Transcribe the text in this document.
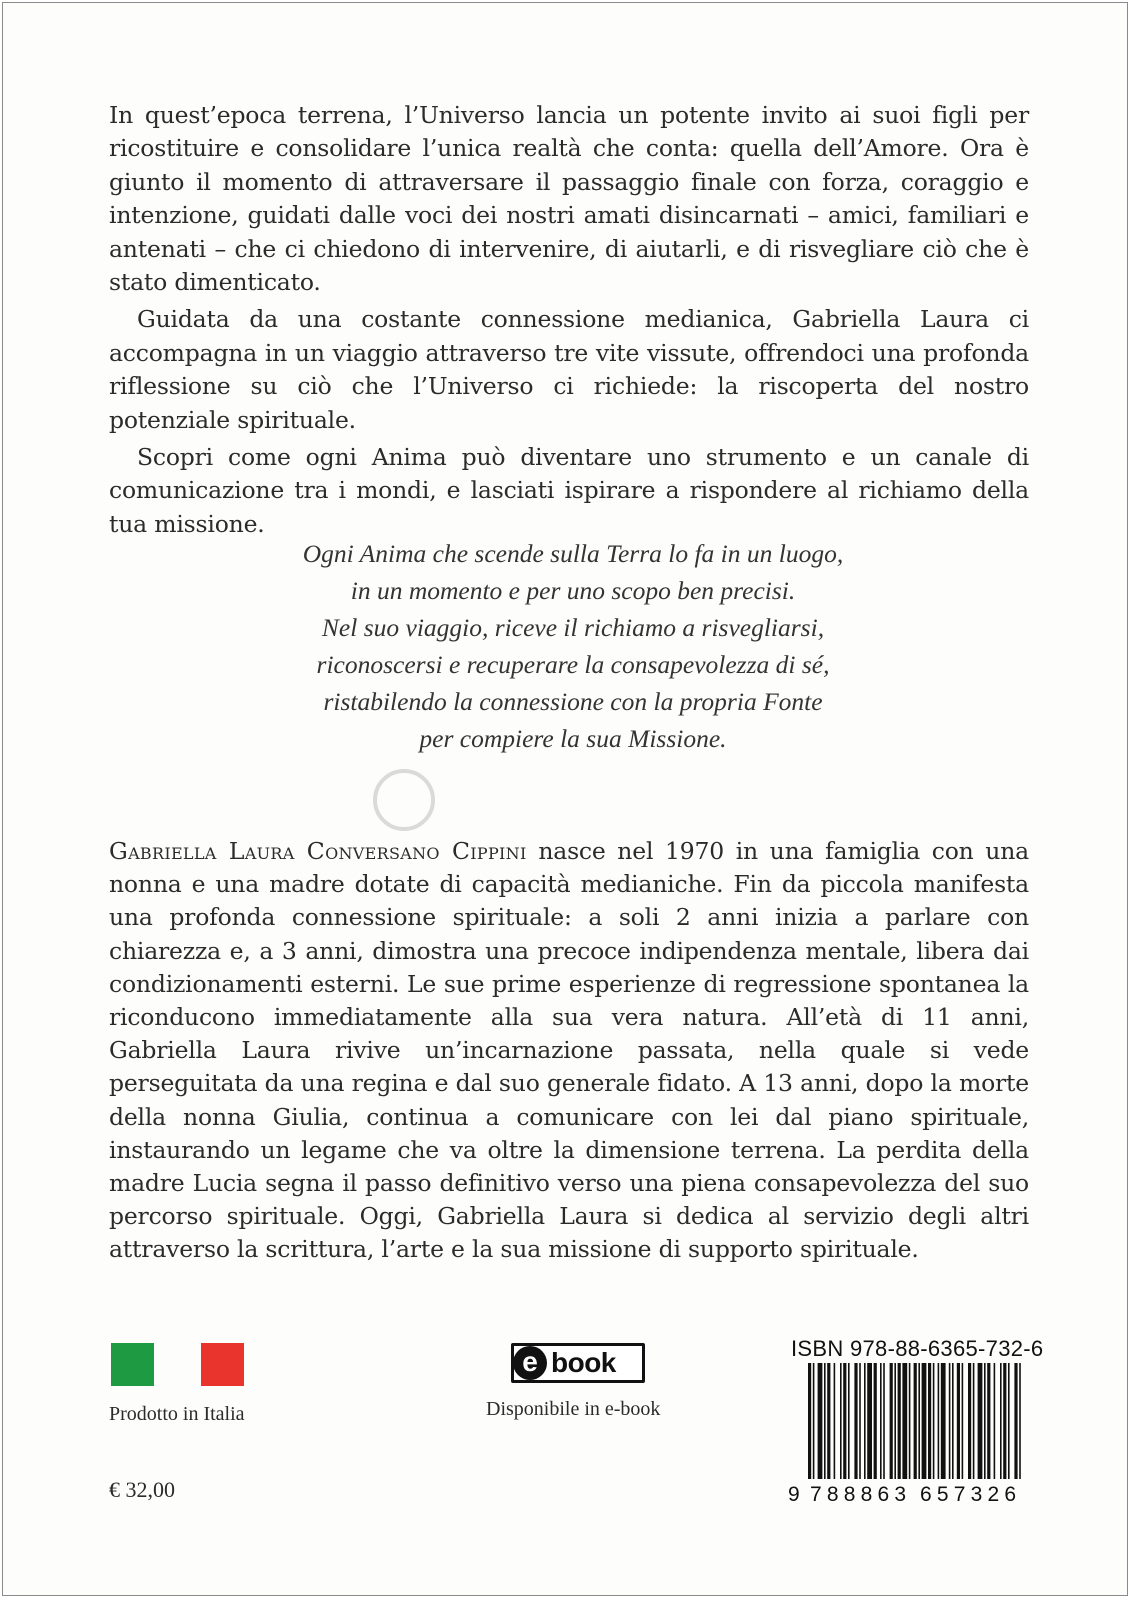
In quest’epoca terrena, l’Universo lancia un potente invito ai suoi figli per ricostituire e consolidare l’unica realtà che conta: quella dell’Amore. Ora è giunto il momento di attraversare il passaggio finale con forza, coraggio e intenzione, guidati dalle voci dei nostri amati disincarnati – amici, familiari e antenati – che ci chiedono di intervenire, di aiutarli, e di risvegliare ciò che è stato dimenticato.

Guidata da una costante connessione medianica, Gabriella Laura ci accompagna in un viaggio attraverso tre vite vissute, offrendoci una profonda riflessione su ciò che l’Universo ci richiede: la riscoperta del nostro potenziale spirituale.

Scopri come ogni Anima può diventare uno strumento e un canale di comunicazione tra i mondi, e lasciati ispirare a rispondere al richiamo della tua missione.

Ogni Anima che scende sulla Terra lo fa in un luogo,
in un momento e per uno scopo ben precisi.
Nel suo viaggio, riceve il richiamo a risvegliarsi,
riconoscersi e recuperare la consapevolezza di sé,
ristabilendo la connessione con la propria Fonte
per compiere la sua Missione.

Gabriella Laura Conversano Cippini nasce nel 1970 in una famiglia con una nonna e una madre dotate di capacità medianiche. Fin da piccola manifesta una profonda connessione spirituale: a soli 2 anni inizia a parlare con chiarezza e, a 3 anni, dimostra una precoce indipendenza mentale, libera dai condizionamenti esterni. Le sue prime esperienze di regressione spontanea la riconducono immediatamente alla sua vera natura. All’età di 11 anni, Gabriella Laura rivive un’incarnazione passata, nella quale si vede perseguitata da una regina e dal suo generale fidato. A 13 anni, dopo la morte della nonna Giulia, continua a comunicare con lei dal piano spirituale, instaurando un legame che va oltre la dimensione terrena. La perdita della madre Lucia segna il passo definitivo verso una piena consapevolezza del suo percorso spirituale. Oggi, Gabriella Laura si dedica al servizio degli altri attraverso la scrittura, l’arte e la sua missione di supporto spirituale.

Prodotto in Italia
€ 32,00
e book
Disponibile in e-book
ISBN 978-88-6365-732-6
9 788863 657326
